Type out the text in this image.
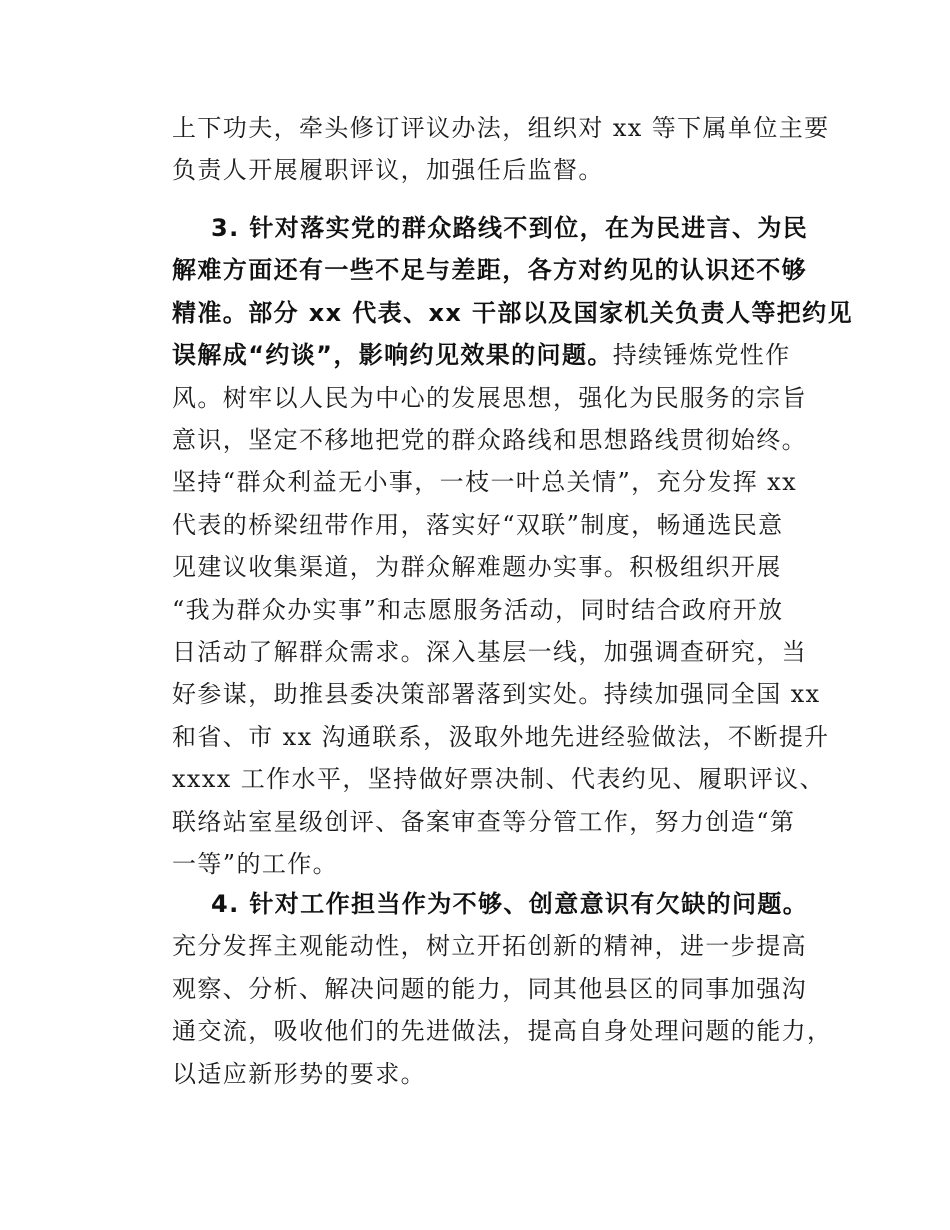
上下功夫，牵头修订评议办法，组织对 xx 等下属单位主要
负责人开展履职评议，加强任后监督。
3. 针对落实党的群众路线不到位，在为民进言、为民
解难方面还有一些不足与差距，各方对约见的认识还不够
精准。部分 xx 代表、xx 干部以及国家机关负责人等把约见
误解成“约谈”，影响约见效果的问题。持续锤炼党性作
风。树牢以人民为中心的发展思想，强化为民服务的宗旨
意识，坚定不移地把党的群众路线和思想路线贯彻始终。
坚持“群众利益无小事，一枝一叶总关情”，充分发挥 xx
代表的桥梁纽带作用，落实好“双联”制度，畅通选民意
见建议收集渠道，为群众解难题办实事。积极组织开展
“我为群众办实事”和志愿服务活动，同时结合政府开放
日活动了解群众需求。深入基层一线，加强调查研究，当
好参谋，助推县委决策部署落到实处。持续加强同全国 xx
和省、市 xx 沟通联系，汲取外地先进经验做法，不断提升
xxxx 工作水平，坚持做好票决制、代表约见、履职评议、
联络站室星级创评、备案审查等分管工作，努力创造“第
一等”的工作。
4. 针对工作担当作为不够、创意意识有欠缺的问题。
充分发挥主观能动性，树立开拓创新的精神，进一步提高
观察、分析、解决问题的能力，同其他县区的同事加强沟
通交流，吸收他们的先进做法，提高自身处理问题的能力，
以适应新形势的要求。
